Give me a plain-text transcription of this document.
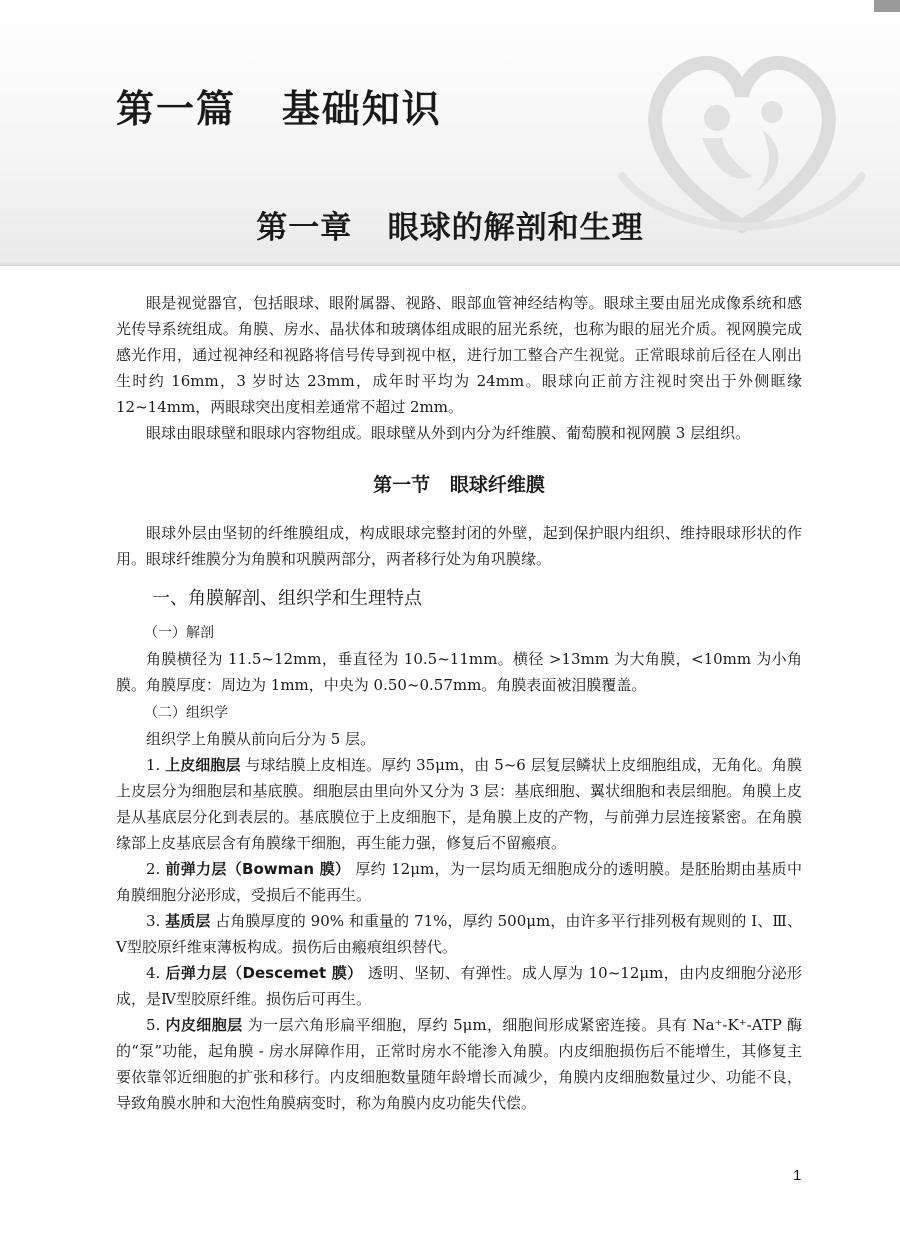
第一篇   基础知识
第一章   眼球的解剖和生理

眼是视觉器官，包括眼球、眼附属器、视路、眼部血管神经结构等。眼球主要由屈光成像系统和感光传导系统组成。角膜、房水、晶状体和玻璃体组成眼的屈光系统，也称为眼的屈光介质。视网膜完成感光作用，通过视神经和视路将信号传导到视中枢，进行加工整合产生视觉。正常眼球前后径在人刚出生时约 16mm，3 岁时达 23mm，成年时平均为 24mm。眼球向正前方注视时突出于外侧眶缘 12~14mm，两眼球突出度相差通常不超过 2mm。

眼球由眼球壁和眼球内容物组成。眼球壁从外到内分为纤维膜、葡萄膜和视网膜 3 层组织。

第一节   眼球纤维膜

眼球外层由坚韧的纤维膜组成，构成眼球完整封闭的外壁，起到保护眼内组织、维持眼球形状的作用。眼球纤维膜分为角膜和巩膜两部分，两者移行处为角巩膜缘。

一、角膜解剖、组织学和生理特点

（一）解剖

角膜横径为 11.5~12mm，垂直径为 10.5~11mm。横径 >13mm 为大角膜，<10mm 为小角膜。角膜厚度：周边为 1mm，中央为 0.50~0.57mm。角膜表面被泪膜覆盖。

（二）组织学

组织学上角膜从前向后分为 5 层。

1. 上皮细胞层 与球结膜上皮相连。厚约 35μm，由 5~6 层复层鳞状上皮细胞组成，无角化。角膜上皮层分为细胞层和基底膜。细胞层由里向外又分为 3 层：基底细胞、翼状细胞和表层细胞。角膜上皮是从基底层分化到表层的。基底膜位于上皮细胞下，是角膜上皮的产物，与前弹力层连接紧密。在角膜缘部上皮基底层含有角膜缘干细胞，再生能力强，修复后不留瘢痕。

2. 前弹力层（Bowman 膜） 厚约 12μm，为一层均质无细胞成分的透明膜。是胚胎期由基质中角膜细胞分泌形成，受损后不能再生。

3. 基质层 占角膜厚度的 90% 和重量的 71%，厚约 500μm，由许多平行排列极有规则的 Ⅰ、Ⅲ、Ⅴ型胶原纤维束薄板构成。损伤后由瘢痕组织替代。

4. 后弹力层（Descemet 膜） 透明、坚韧、有弹性。成人厚为 10~12μm，由内皮细胞分泌形成，是Ⅳ型胶原纤维。损伤后可再生。

5. 内皮细胞层 为一层六角形扁平细胞，厚约 5μm，细胞间形成紧密连接。具有 Na⁺-K⁺-ATP 酶的“泵”功能，起角膜 - 房水屏障作用，正常时房水不能渗入角膜。内皮细胞损伤后不能增生，其修复主要依靠邻近细胞的扩张和移行。内皮细胞数量随年龄增长而减少，角膜内皮细胞数量过少、功能不良，导致角膜水肿和大泡性角膜病变时，称为角膜内皮功能失代偿。

1
